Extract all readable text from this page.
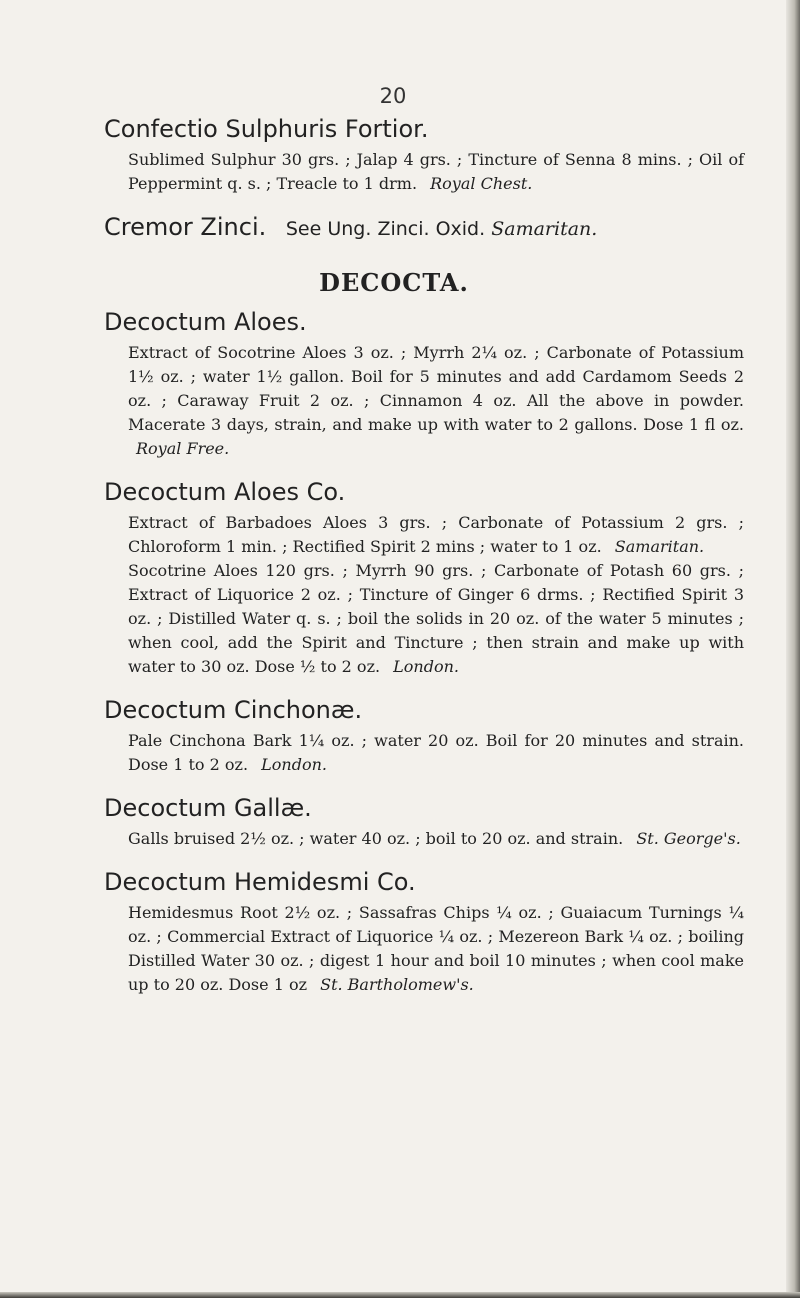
20
Confectio Sulphuris Fortior.
Sublimed Sulphur 30 grs. ; Jalap 4 grs. ; Tincture of Senna 8 mins. ; Oil of Peppermint q. s. ; Treacle to 1 drm. Royal Chest.
Cremor Zinci. See Ung. Zinci. Oxid. Samaritan.
DECOCTA.
Decoctum Aloes.
Extract of Socotrine Aloes 3 oz. ; Myrrh 2¼ oz. ; Carbonate of Potassium 1½ oz. ; water 1½ gallon. Boil for 5 minutes and add Cardamom Seeds 2 oz. ; Caraway Fruit 2 oz. ; Cinnamon 4 oz. All the above in powder. Macerate 3 days, strain, and make up with water to 2 gallons. Dose 1 fl oz. Royal Free.
Decoctum Aloes Co.
Extract of Barbadoes Aloes 3 grs. ; Carbonate of Potassium 2 grs. ; Chloroform 1 min. ; Rectified Spirit 2 mins ; water to 1 oz. Samaritan.
Socotrine Aloes 120 grs. ; Myrrh 90 grs. ; Carbonate of Potash 60 grs. ; Extract of Liquorice 2 oz. ; Tincture of Ginger 6 drms. ; Rectified Spirit 3 oz. ; Distilled Water q. s. ; boil the solids in 20 oz. of the water 5 minutes ; when cool, add the Spirit and Tincture ; then strain and make up with water to 30 oz. Dose ½ to 2 oz. London.
Decoctum Cinchonæ.
Pale Cinchona Bark 1¼ oz. ; water 20 oz. Boil for 20 minutes and strain. Dose 1 to 2 oz. London.
Decoctum Gallæ.
Galls bruised 2½ oz. ; water 40 oz. ; boil to 20 oz. and strain. St. George's.
Decoctum Hemidesmi Co.
Hemidesmus Root 2½ oz. ; Sassafras Chips ¼ oz. ; Guaiacum Turnings ¼ oz. ; Commercial Extract of Liquorice ¼ oz. ; Mezereon Bark ¼ oz. ; boiling Distilled Water 30 oz. ; digest 1 hour and boil 10 minutes ; when cool make up to 20 oz. Dose 1 oz St. Bartholomew's.
